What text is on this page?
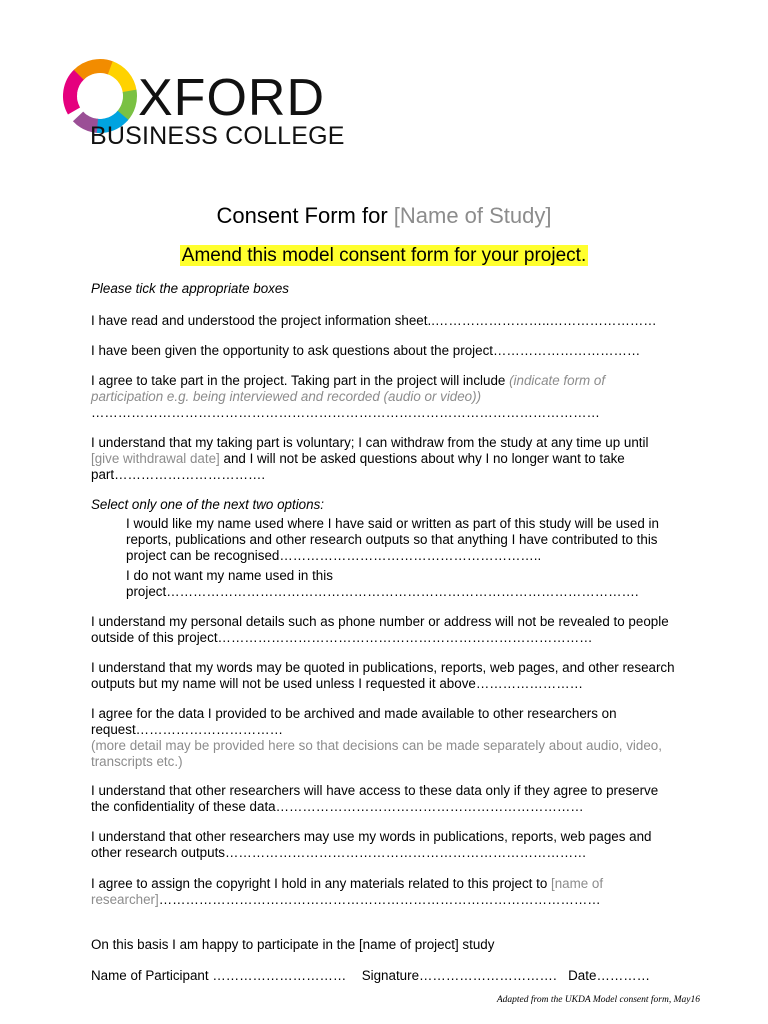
XFORD
BUSINESS COLLEGE
Consent Form for [Name of Study]
Amend this model consent form for your project.
Please tick the appropriate boxes
I have read and understood the project information sheet..……………………..……………………
I have been given the opportunity to ask questions about the project……………………………
I agree to take part in the project. Taking part in the project will include (indicate form of participation e.g. being interviewed and recorded (audio or video))
……………………………………………………………………………………………………
I understand that my taking part is voluntary; I can withdraw from the study at any time up until [give withdrawal date] and I will not be asked questions about why I no longer want to take part…………………………….
Select only one of the next two options:
I would like my name used where I have said or written as part of this study will be used in reports, publications and other research outputs so that anything I have contributed to this project can be recognised…………………………………………………..
I do not want my name used in this
project…………………………………………………………………………………………….
I understand my personal details such as phone number or address will not be revealed to people outside of this project…………………………………………………………………………
I understand that my words may be quoted in publications, reports, web pages, and other research outputs but my name will not be used unless I requested it above……………………
I agree for the data I provided to be archived and made available to other researchers on request……………………………
(more detail may be provided here so that decisions can be made separately about audio, video, transcripts etc.)
I understand that other researchers will have access to these data only if they agree to preserve the confidentiality of these data……………………………………………………………
I understand that other researchers may use my words in publications, reports, web pages and other research outputs………………………………………………………………………
I agree to assign the copyright I hold in any materials related to this project to [name of researcher]………………………………………………………………………………………
On this basis I am happy to participate in the [name of project] study
Name of Participant ………………………… Signature…………………………. Date…………
Adapted from the UKDA Model consent form, May16
